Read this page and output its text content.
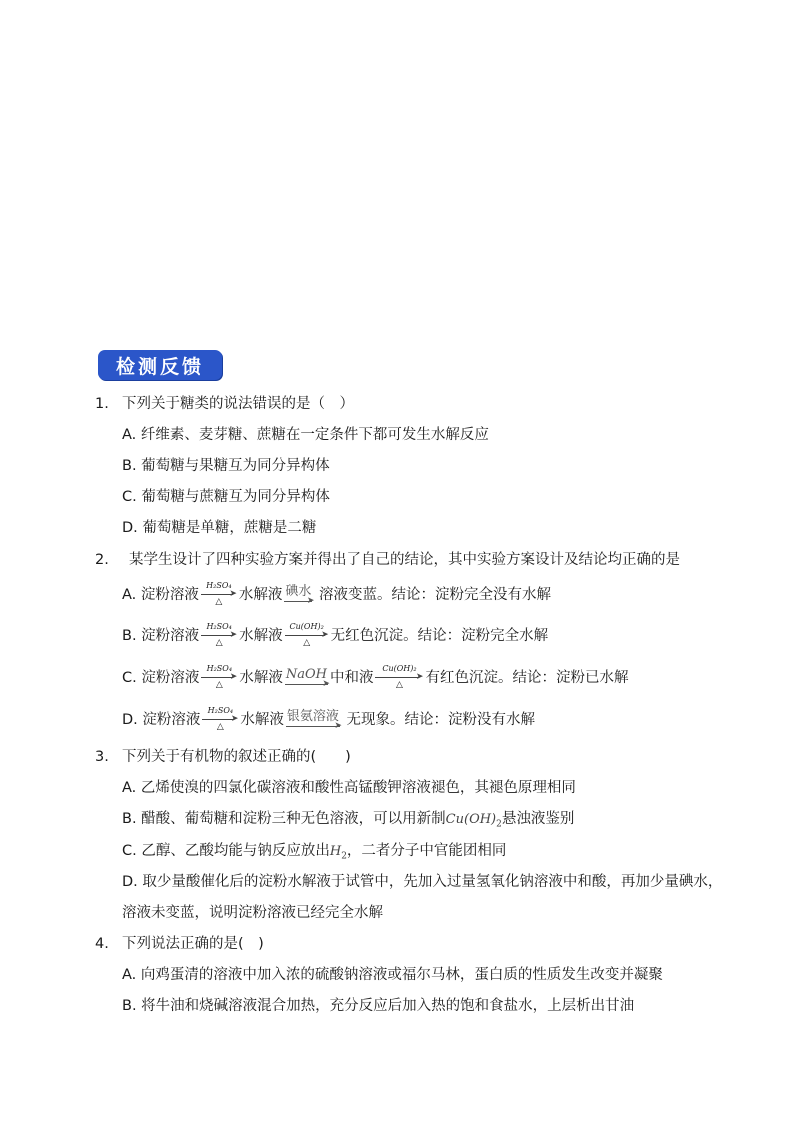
检测反馈
1. 下列关于糖类的说法错误的是（　）
A. 纤维素、麦芽糖、蔗糖在一定条件下都可发生水解反应
B. 葡萄糖与果糖互为同分异构体
C. 葡萄糖与蔗糖互为同分异构体
D. 葡萄糖是单糖，蔗糖是二糖
2. 某学生设计了四种实验方案并得出了自己的结论，其中实验方案设计及结论均正确的是
A. 淀粉溶液
H₂SO₄
➤
△	水解液 碘水
➤ 溶液变蓝。结论：淀粉完全没有水解
B. 淀粉溶液
H₂SO₄
➤
△	水解液
Cu(OH)₂
➤
△	无红色沉淀。结论：淀粉完全水解
C. 淀粉溶液
H₂SO₄
➤
△	水解液 NaOH
➤ 中和液
Cu(OH)₂
➤
△	有红色沉淀。结论：淀粉已水解
D. 淀粉溶液
H₂SO₄
➤
△	水解液 银氨溶液
➤ 无现象。结论：淀粉没有水解
3. 下列关于有机物的叙述正确的(　　)
A. 乙烯使溴的四氯化碳溶液和酸性高锰酸钾溶液褪色，其褪色原理相同
B. 醋酸、葡萄糖和淀粉三种无色溶液，可以用新制$Cu(OH)_2$悬浊液鉴别
C. 乙醇、乙酸均能与钠反应放出$H_2$，二者分子中官能团相同
D. 取少量酸催化后的淀粉水解液于试管中，先加入过量氢氧化钠溶液中和酸，再加少量碘水，
溶液未变蓝，说明淀粉溶液已经完全水解
4. 下列说法正确的是(　)
A. 向鸡蛋清的溶液中加入浓的硫酸钠溶液或福尔马林，蛋白质的性质发生改变并凝聚
B. 将牛油和烧碱溶液混合加热，充分反应后加入热的饱和食盐水，上层析出甘油
